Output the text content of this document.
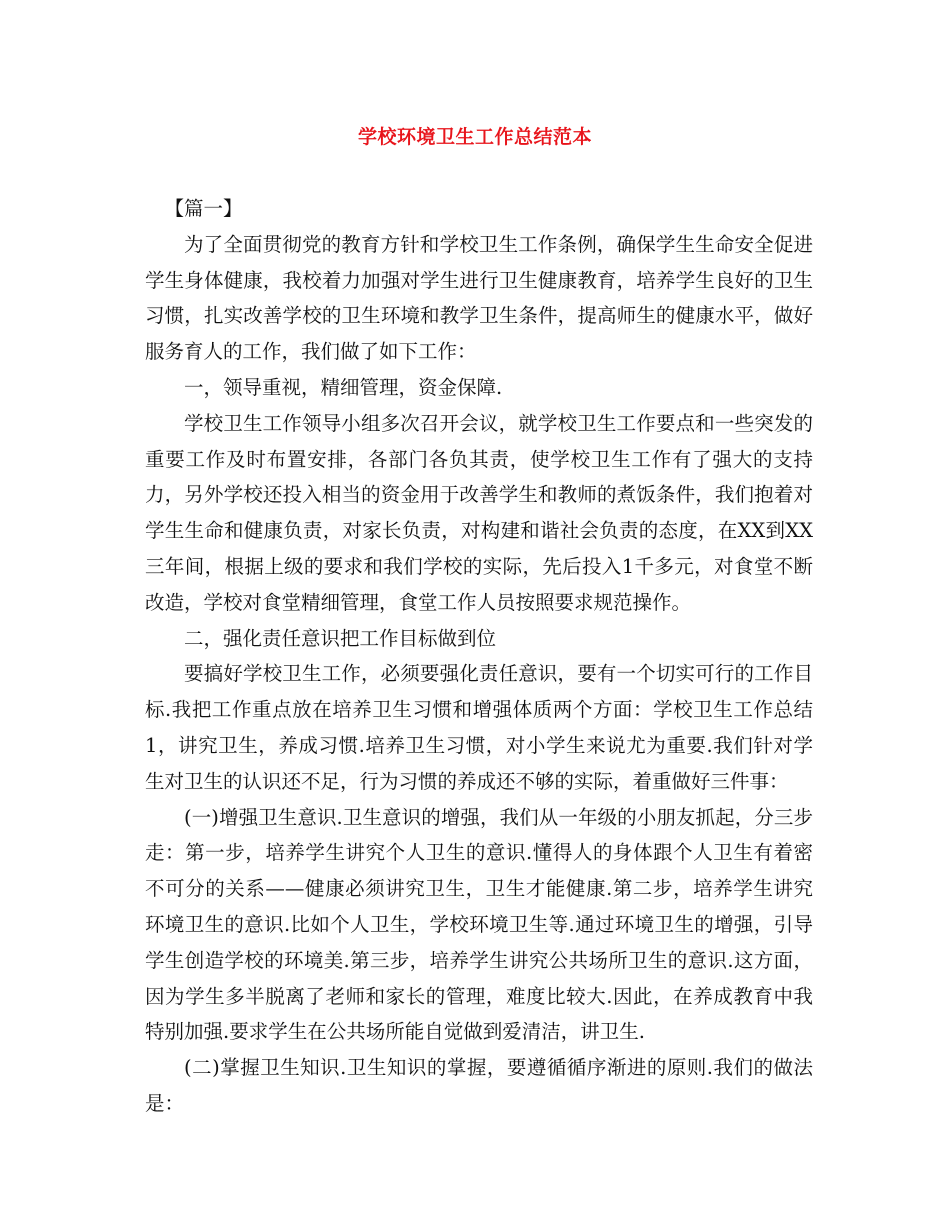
学校环境卫生工作总结范本

【篇一】

为了全面贯彻党的教育方针和学校卫生工作条例，确保学生生命安全促进学生身体健康，我校着力加强对学生进行卫生健康教育，培养学生良好的卫生习惯，扎实改善学校的卫生环境和教学卫生条件，提高师生的健康水平，做好服务育人的工作，我们做了如下工作：

一，领导重视，精细管理，资金保障.

学校卫生工作领导小组多次召开会议，就学校卫生工作要点和一些突发的重要工作及时布置安排，各部门各负其责，使学校卫生工作有了强大的支持力，另外学校还投入相当的资金用于改善学生和教师的煮饭条件，我们抱着对学生生命和健康负责，对家长负责，对构建和谐社会负责的态度，在XX到XX三年间，根据上级的要求和我们学校的实际，先后投入1千多元，对食堂不断改造，学校对食堂精细管理，食堂工作人员按照要求规范操作。

二，强化责任意识把工作目标做到位

要搞好学校卫生工作，必须要强化责任意识，要有一个切实可行的工作目标.我把工作重点放在培养卫生习惯和增强体质两个方面：学校卫生工作总结1，讲究卫生，养成习惯.培养卫生习惯，对小学生来说尤为重要.我们针对学生对卫生的认识还不足，行为习惯的养成还不够的实际，着重做好三件事：

(一)增强卫生意识.卫生意识的增强，我们从一年级的小朋友抓起，分三步走：第一步，培养学生讲究个人卫生的意识.懂得人的身体跟个人卫生有着密不可分的关系——健康必须讲究卫生，卫生才能健康.第二步，培养学生讲究环境卫生的意识.比如个人卫生，学校环境卫生等.通过环境卫生的增强，引导学生创造学校的环境美.第三步，培养学生讲究公共场所卫生的意识.这方面，因为学生多半脱离了老师和家长的管理，难度比较大.因此，在养成教育中我特别加强.要求学生在公共场所能自觉做到爱清洁，讲卫生.

(二)掌握卫生知识.卫生知识的掌握，要遵循循序渐进的原则.我们的做法是：
